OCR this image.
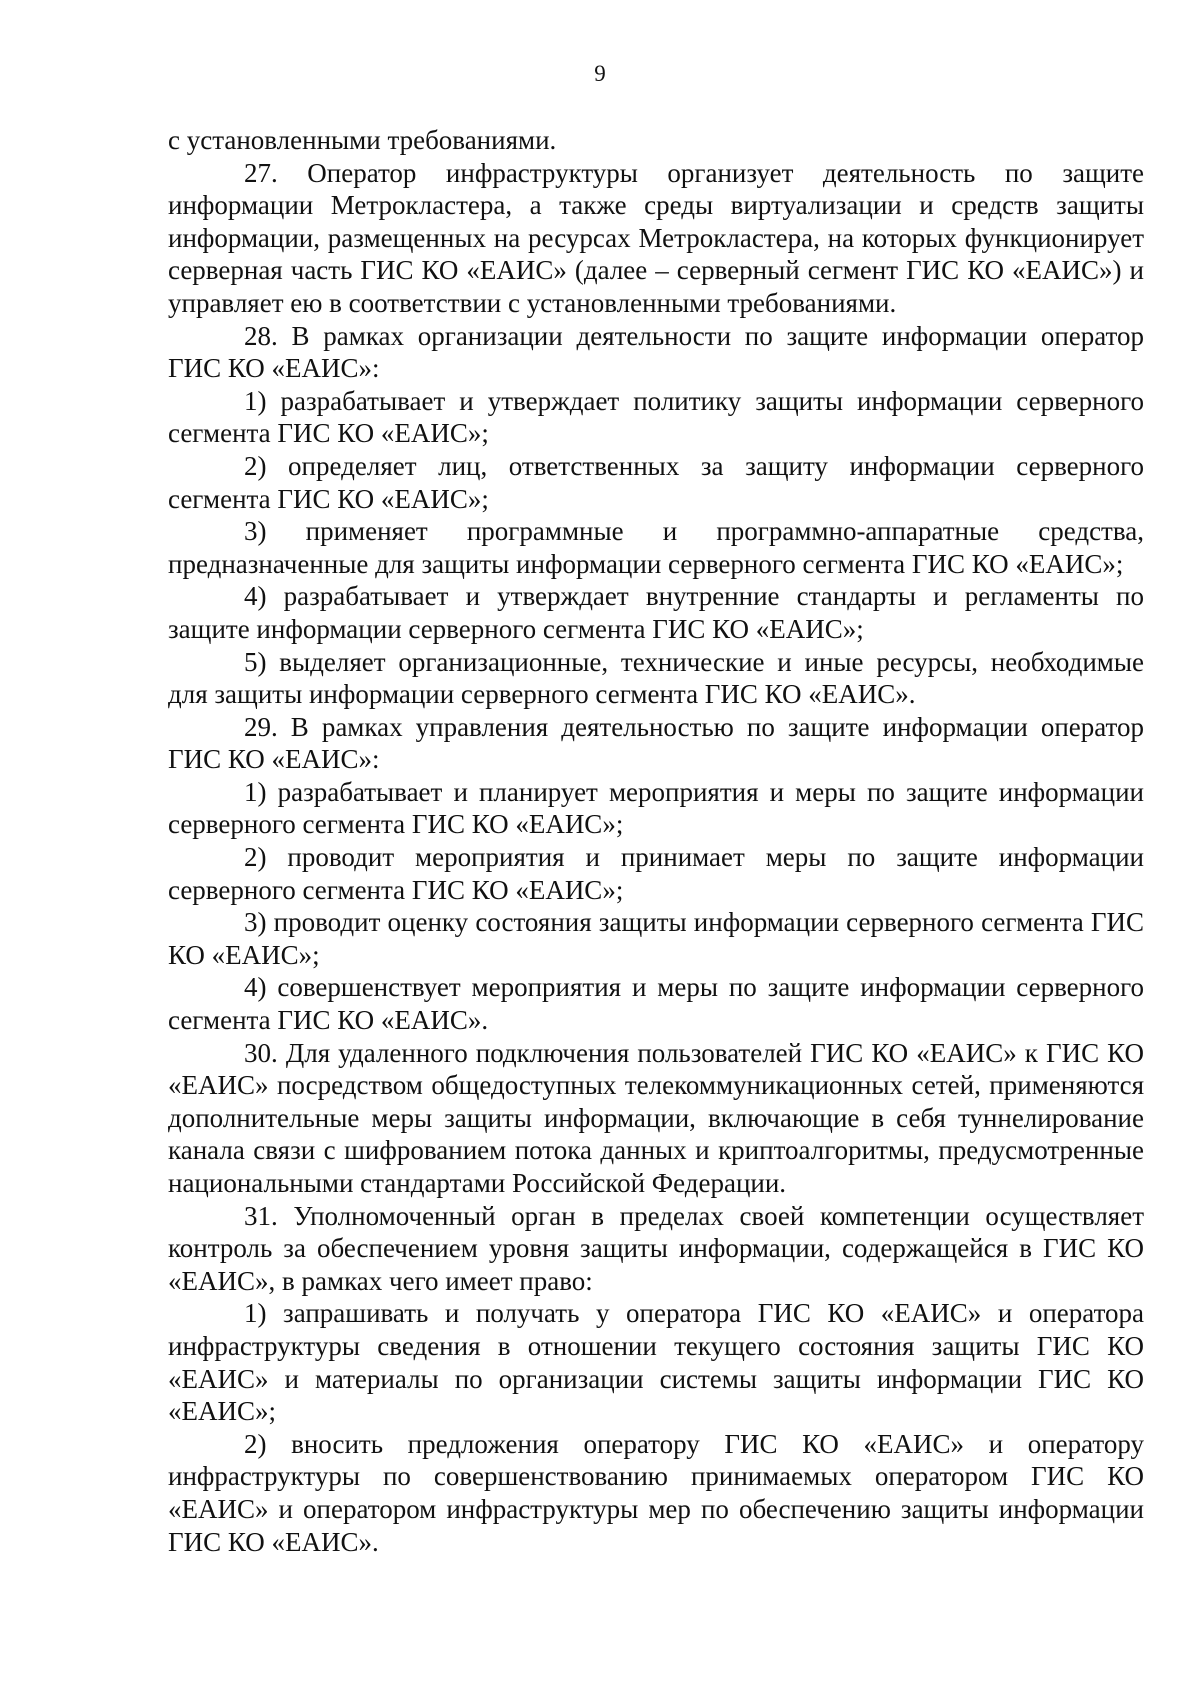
9

с установленными требованиями.

27. Оператор инфраструктуры организует деятельность по защите информации Метрокластера, а также среды виртуализации и средств защиты информации, размещенных на ресурсах Метрокластера, на которых функционирует серверная часть ГИС КО «ЕАИС» (далее – серверный сегмент ГИС КО «ЕАИС») и управляет ею в соответствии с установленными требованиями.

28. В рамках организации деятельности по защите информации оператор ГИС КО «ЕАИС»:

1) разрабатывает и утверждает политику защиты информации серверного сегмента ГИС КО «ЕАИС»;

2) определяет лиц, ответственных за защиту информации серверного сегмента ГИС КО «ЕАИС»;

3) применяет программные и программно-аппаратные средства, предназначенные для защиты информации серверного сегмента ГИС КО «ЕАИС»;

4) разрабатывает и утверждает внутренние стандарты и регламенты по защите информации серверного сегмента ГИС КО «ЕАИС»;

5) выделяет организационные, технические и иные ресурсы, необходимые для защиты информации серверного сегмента ГИС КО «ЕАИС».

29. В рамках управления деятельностью по защите информации оператор ГИС КО «ЕАИС»:

1) разрабатывает и планирует мероприятия и меры по защите информации серверного сегмента ГИС КО «ЕАИС»;

2) проводит мероприятия и принимает меры по защите информации серверного сегмента ГИС КО «ЕАИС»;

3) проводит оценку состояния защиты информации серверного сегмента ГИС КО «ЕАИС»;

4) совершенствует мероприятия и меры по защите информации серверного сегмента ГИС КО «ЕАИС».

30. Для удаленного подключения пользователей ГИС КО «ЕАИС» к ГИС КО «ЕАИС» посредством общедоступных телекоммуникационных сетей, применяются дополнительные меры защиты информации, включающие в себя туннелирование канала связи с шифрованием потока данных и криптоалгоритмы, предусмотренные национальными стандартами Российской Федерации.

31. Уполномоченный орган в пределах своей компетенции осуществляет контроль за обеспечением уровня защиты информации, содержащейся в ГИС КО «ЕАИС», в рамках чего имеет право:

1) запрашивать и получать у оператора ГИС КО «ЕАИС» и оператора инфраструктуры сведения в отношении текущего состояния защиты ГИС КО «ЕАИС» и материалы по организации системы защиты информации ГИС КО «ЕАИС»;

2) вносить предложения оператору ГИС КО «ЕАИС» и оператору инфраструктуры по совершенствованию принимаемых оператором ГИС КО «ЕАИС» и оператором инфраструктуры мер по обеспечению защиты информации ГИС КО «ЕАИС».
